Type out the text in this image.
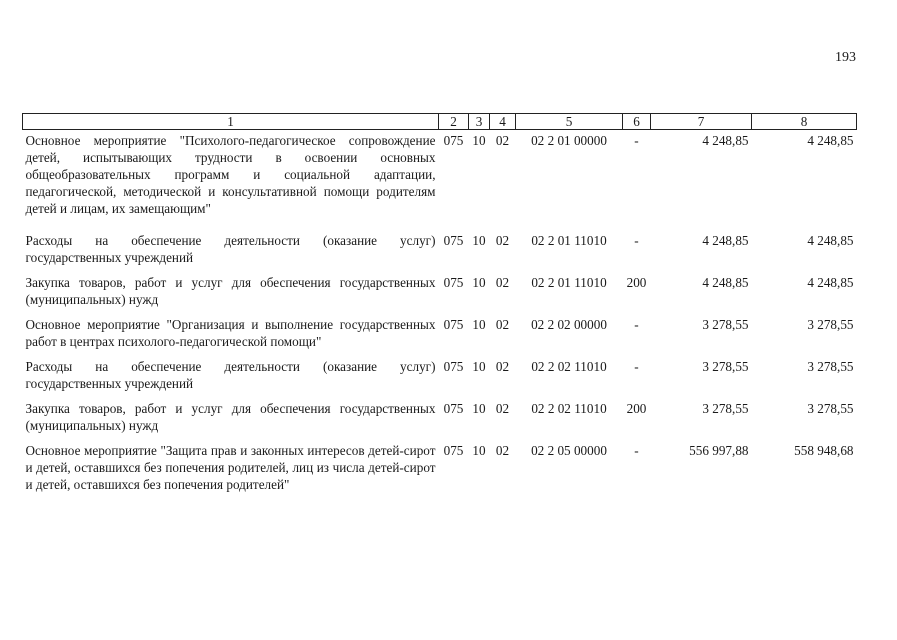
193
1	2	3	4	5	6	7	8
Основное мероприятие "Психолого-педагогическое сопровождение детей, испытывающих трудности в освоении основных общеобразовательных программ и социальной адаптации, педагогической, методической и консультативной помощи родителям детей и лицам, их замещающим"	075	10	02	02 2 01 00000	-	4 248,85	4 248,85
Расходы на обеспечение деятельности (оказание услуг) государственных учреждений	075	10	02	02 2 01 11010	-	4 248,85	4 248,85
Закупка товаров, работ и услуг для обеспечения государственных (муниципальных) нужд	075	10	02	02 2 01 11010	200	4 248,85	4 248,85
Основное мероприятие "Организация и выполнение государственных работ в центрах психолого-педагогической помощи"	075	10	02	02 2 02 00000	-	3 278,55	3 278,55
Расходы на обеспечение деятельности (оказание услуг) государственных учреждений	075	10	02	02 2 02 11010	-	3 278,55	3 278,55
Закупка товаров, работ и услуг для обеспечения государственных (муниципальных) нужд	075	10	02	02 2 02 11010	200	3 278,55	3 278,55
Основное мероприятие "Защита прав и законных интересов детей-сирот и детей, оставшихся без попечения родителей, лиц из числа детей-сирот и детей, оставшихся без попечения родителей"	075	10	02	02 2 05 00000	-	556 997,88	558 948,68
